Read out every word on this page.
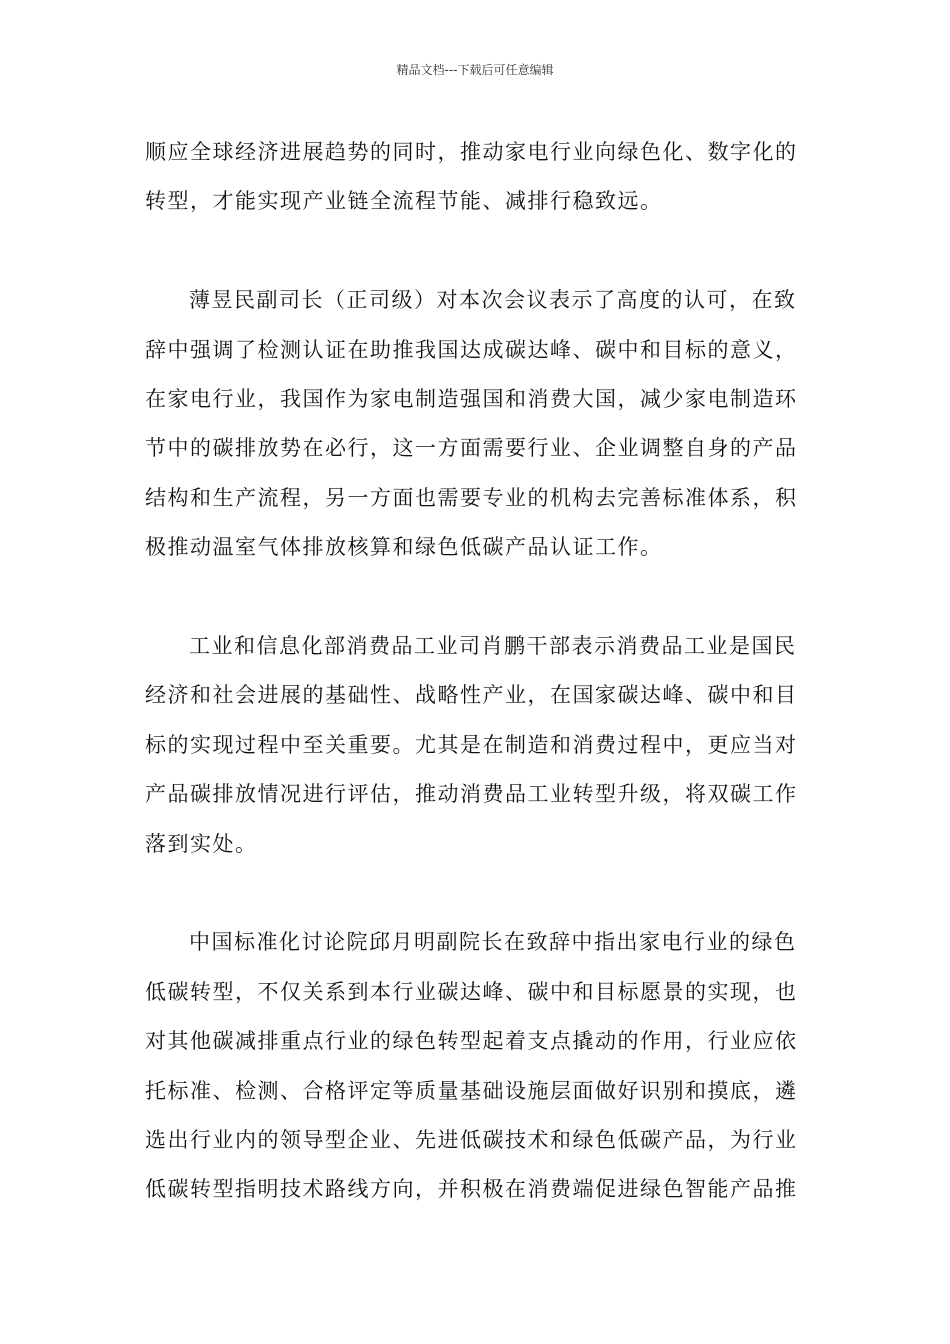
精品文档---下载后可任意编辑

顺应全球经济进展趋势的同时，推动家电行业向绿色化、数字化的
转型，才能实现产业链全流程节能、减排行稳致远。

薄昱民副司长（正司级）对本次会议表示了高度的认可，在致
辞中强调了检测认证在助推我国达成碳达峰、碳中和目标的意义，
在家电行业，我国作为家电制造强国和消费大国，减少家电制造环
节中的碳排放势在必行，这一方面需要行业、企业调整自身的产品
结构和生产流程，另一方面也需要专业的机构去完善标准体系，积
极推动温室气体排放核算和绿色低碳产品认证工作。

工业和信息化部消费品工业司肖鹏干部表示消费品工业是国民
经济和社会进展的基础性、战略性产业，在国家碳达峰、碳中和目
标的实现过程中至关重要。尤其是在制造和消费过程中，更应当对
产品碳排放情况进行评估，推动消费品工业转型升级，将双碳工作
落到实处。

中国标准化讨论院邱月明副院长在致辞中指出家电行业的绿色
低碳转型，不仅关系到本行业碳达峰、碳中和目标愿景的实现，也
对其他碳减排重点行业的绿色转型起着支点撬动的作用，行业应依
托标准、检测、合格评定等质量基础设施层面做好识别和摸底，遴
选出行业内的领导型企业、先进低碳技术和绿色低碳产品，为行业
低碳转型指明技术路线方向，并积极在消费端促进绿色智能产品推
